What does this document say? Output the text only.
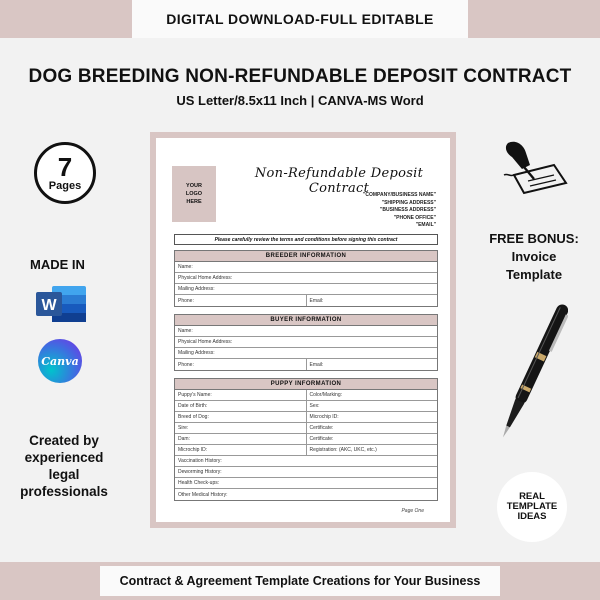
DIGITAL DOWNLOAD-FULL EDITABLE
DOG BREEDING NON-REFUNDABLE DEPOSIT CONTRACT
US Letter/8.5x11 Inch | CANVA-MS Word
7
Pages
MADE IN
W
Canva
Created by experienced legal professionals
FREE BONUS:
Invoice
Template
REAL
TEMPLATE
IDEAS
YOUR
LOGO
HERE
Non-Refundable Deposit Contract
"COMPANY/BUSINESS NAME"
"SHIPPING ADDRESS"
"BUSINESS ADDRESS"
"PHONE OFFICE"
"EMAIL"
Please carefully review the terms and conditions before signing this contract
BREEDER INFORMATION
Name:
Physical Home Address:
Mailing Address:
Phone:	Email:
BUYER INFORMATION
Name:
Physical Home Address:
Mailing Address:
Phone:	Email:
PUPPY INFORMATION
Puppy's Name:	Color/Marking:
Date of Birth:	Sex:
Breed of Dog:	Microchip ID:
Sire:	Certificate:
Dam:	Certificate:
Microchip ID:	Registration: (AKC, UKC, etc.)
Vaccination History:
Deworming History:
Health Check-ups:
Other Medical History:
Page One
Contract & Agreement Template Creations for Your Business
